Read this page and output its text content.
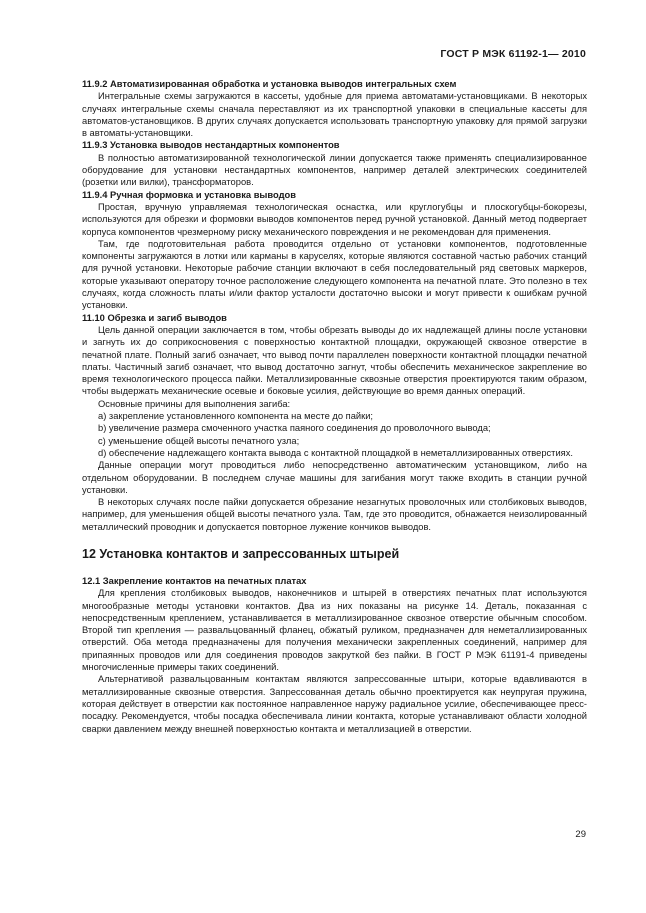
ГОСТ Р МЭК 61192-1— 2010

11.9.2 Автоматизированная обработка и установка выводов интегральных схем

Интегральные схемы загружаются в кассеты, удобные для приема автоматами-установщиками. В некоторых случаях интегральные схемы сначала переставляют из их транспортной упаковки в специальные кассеты для автоматов-установщиков. В других случаях допускается использовать транспортную упаковку для прямой загрузки в автоматы-установщики.

11.9.3 Установка выводов нестандартных компонентов

В полностью автоматизированной технологической линии допускается также применять специализированное оборудование для установки нестандартных компонентов, например деталей электрических соединителей (розетки или вилки), трансформаторов.

11.9.4 Ручная формовка и установка выводов

Простая, вручную управляемая технологическая оснастка, или круглогубцы и плоскогубцы-бокорезы, используются для обрезки и формовки выводов компонентов перед ручной установкой. Данный метод подвергает корпуса компонентов чрезмерному риску механического повреждения и не рекомендован для применения.

Там, где подготовительная работа проводится отдельно от установки компонентов, подготовленные компоненты загружаются в лотки или карманы в каруселях, которые являются составной частью рабочих станций для ручной установки. Некоторые рабочие станции включают в себя последовательный ряд световых маркеров, которые указывают оператору точное расположение следующего компонента на печатной плате. Это полезно в тех случаях, когда сложность платы и/или фактор усталости достаточно высоки и могут привести к ошибкам ручной установки.

11.10 Обрезка и загиб выводов

Цель данной операции заключается в том, чтобы обрезать выводы до их надлежащей длины после установки и загнуть их до соприкосновения с поверхностью контактной площадки, окружающей сквозное отверстие в печатной плате. Полный загиб означает, что вывод почти параллелен поверхности контактной площадки печатной платы. Частичный загиб означает, что вывод достаточно загнут, чтобы обеспечить механическое закрепление во время технологического процесса пайки. Металлизированные сквозные отверстия проектируются таким образом, чтобы выдержать механические осевые и боковые усилия, действующие во время данных операций.

Основные причины для выполнения загиба:

а) закрепление установленного компонента на месте до пайки;

b) увеличение размера смоченного участка паяного соединения до проволочного вывода;

с) уменьшение общей высоты печатного узла;

d) обеспечение надлежащего контакта вывода с контактной площадкой в неметаллизированных отверстиях.

Данные операции могут проводиться либо непосредственно автоматическим установщиком, либо на отдельном оборудовании. В последнем случае машины для загибания могут также входить в станции ручной установки.

В некоторых случаях после пайки допускается обрезание незагнутых проволочных или столбиковых выводов, например, для уменьшения общей высоты печатного узла. Там, где это проводится, обнажается неизолированный металлический проводник и допускается повторное лужение кончиков выводов.

12 Установка контактов и запрессованных штырей

12.1 Закрепление контактов на печатных платах

Для крепления столбиковых выводов, наконечников и штырей в отверстиях печатных плат используются многообразные методы установки контактов. Два из них показаны на рисунке 14. Деталь, показанная с непосредственным креплением, устанавливается в металлизированное сквозное отверстие обычным способом. Второй тип крепления — развальцованный фланец, обжатый руликом, предназначен для неметаллизированных отверстий. Оба метода предназначены для получения механически закрепленных соединений, например для припаянных проводов или для соединения проводов закруткой без пайки. В ГОСТ Р МЭК 61191-4 приведены многочисленные примеры таких соединений.

Альтернативой развальцованным контактам являются запрессованные штыри, которые вдавливаются в металлизированные сквозные отверстия. Запрессованная деталь обычно проектируется как неупругая пружина, которая действует в отверстии как постоянное направленное наружу радиальное усилие, обеспечивающее пресс-посадку. Рекомендуется, чтобы посадка обеспечивала линии контакта, которые устанавливают области холодной сварки давлением между внешней поверхностью контакта и металлизацией в отверстии.

29
